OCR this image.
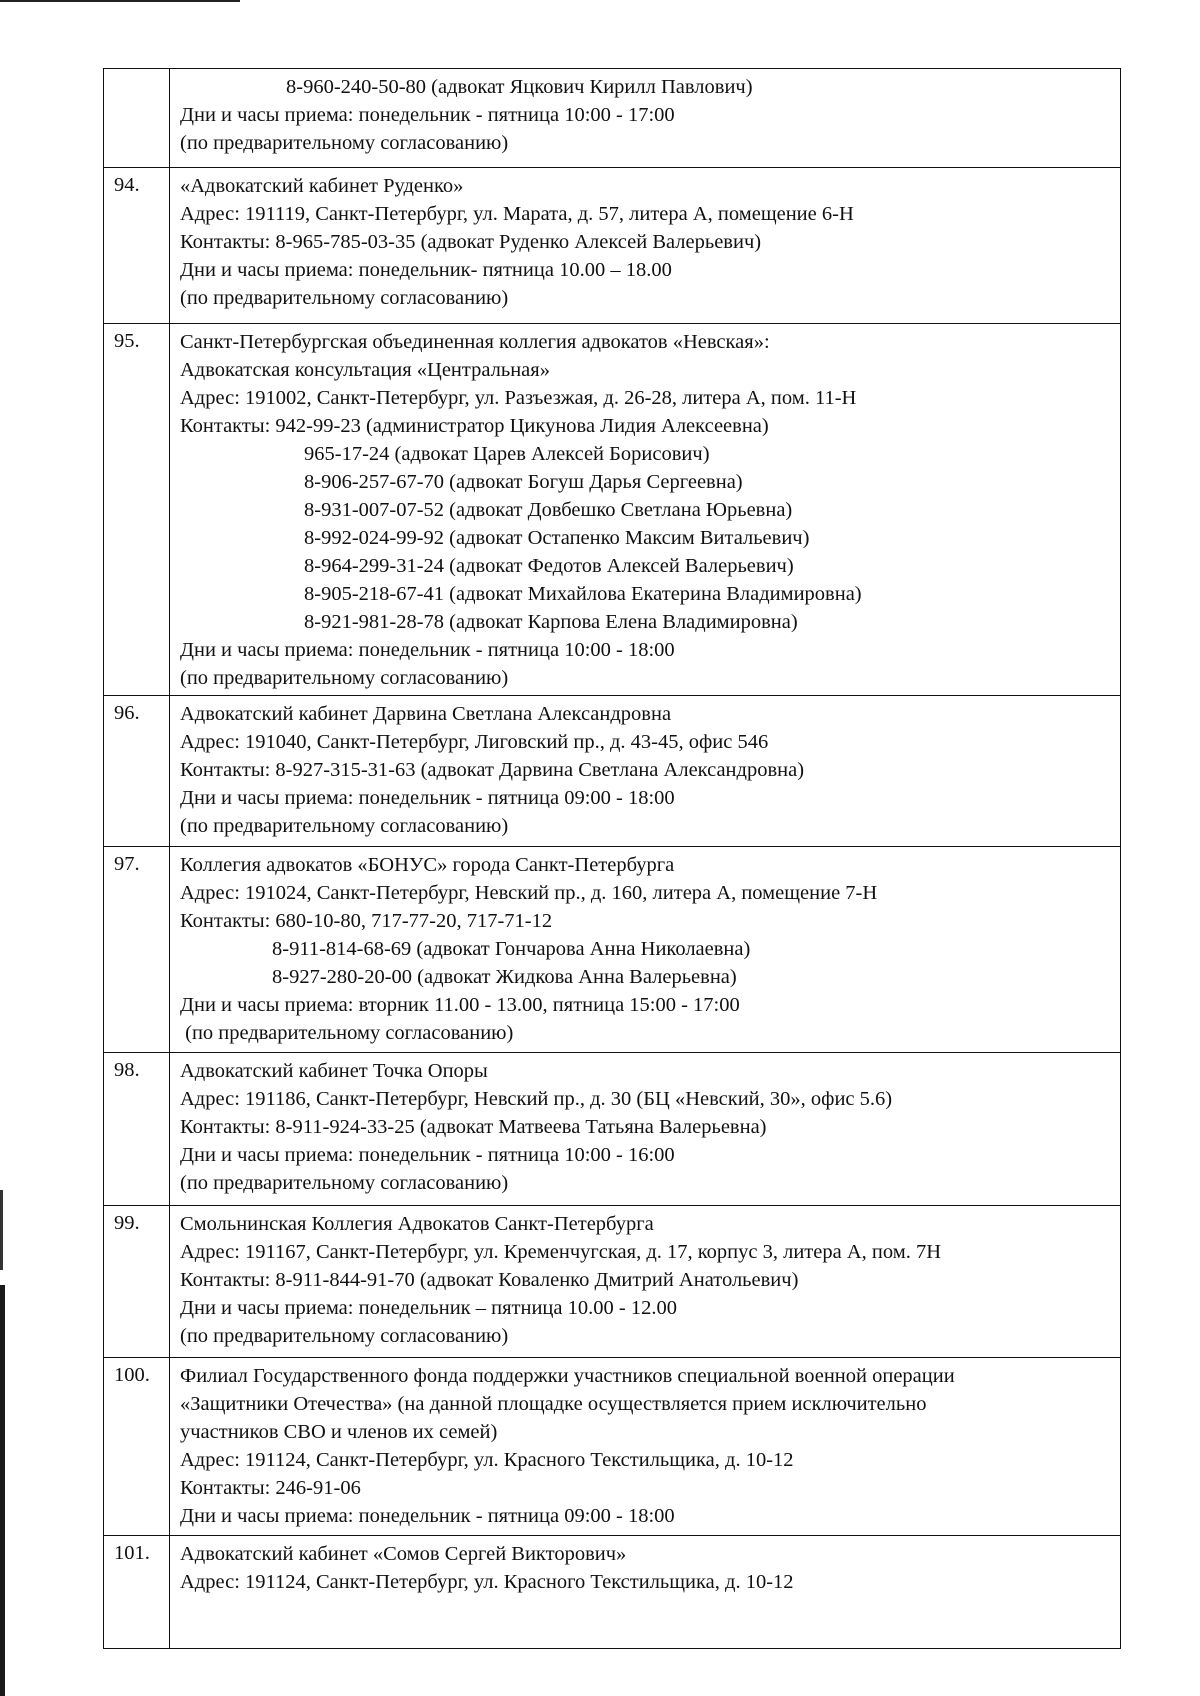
8-960-240-50-80 (адвокат Яцкович Кирилл Павлович)
Дни и часы приема: понедельник - пятница 10:00 - 17:00
(по предварительному согласованию)
94.	«Адвокатский кабинет Руденко»
Адрес: 191119, Санкт-Петербург, ул. Марата, д. 57, литера А, помещение 6-Н
Контакты: 8-965-785-03-35 (адвокат Руденко Алексей Валерьевич)
Дни и часы приема: понедельник- пятница 10.00 – 18.00
(по предварительному согласованию)
95.	Санкт-Петербургская объединенная коллегия адвокатов «Невская»:
Адвокатская консультация «Центральная»
Адрес: 191002, Санкт-Петербург, ул. Разъезжая, д. 26-28, литера А, пом. 11-Н
Контакты: 942-99-23 (администратор Цикунова Лидия Алексеевна)
965-17-24 (адвокат Царев Алексей Борисович)
8-906-257-67-70 (адвокат Богуш Дарья Сергеевна)
8-931-007-07-52 (адвокат Довбешко Светлана Юрьевна)
8-992-024-99-92 (адвокат Остапенко Максим Витальевич)
8-964-299-31-24 (адвокат Федотов Алексей Валерьевич)
8-905-218-67-41 (адвокат Михайлова Екатерина Владимировна)
8-921-981-28-78 (адвокат Карпова Елена Владимировна)
Дни и часы приема: понедельник - пятница 10:00 - 18:00
(по предварительному согласованию)
96.	Адвокатский кабинет Дарвина Светлана Александровна
Адрес: 191040, Санкт-Петербург, Лиговский пр., д. 43-45, офис 546
Контакты: 8-927-315-31-63 (адвокат Дарвина Светлана Александровна)
Дни и часы приема: понедельник - пятница 09:00 - 18:00
(по предварительному согласованию)
97.	Коллегия адвокатов «БОНУС» города Санкт-Петербурга
Адрес: 191024, Санкт-Петербург, Невский пр., д. 160, литера А, помещение 7-Н
Контакты: 680-10-80, 717-77-20, 717-71-12
8-911-814-68-69 (адвокат Гончарова Анна Николаевна)
8-927-280-20-00 (адвокат Жидкова Анна Валерьевна)
Дни и часы приема: вторник 11.00 - 13.00, пятница 15:00 - 17:00
(по предварительному согласованию)
98.	Адвокатский кабинет Точка Опоры
Адрес: 191186, Санкт-Петербург, Невский пр., д. 30 (БЦ «Невский, 30», офис 5.6)
Контакты: 8-911-924-33-25 (адвокат Матвеева Татьяна Валерьевна)
Дни и часы приема: понедельник - пятница 10:00 - 16:00
(по предварительному согласованию)
99.	Смольнинская Коллегия Адвокатов Санкт-Петербурга
Адрес: 191167, Санкт-Петербург, ул. Кременчугская, д. 17, корпус 3, литера А, пом. 7Н
Контакты: 8-911-844-91-70 (адвокат Коваленко Дмитрий Анатольевич)
Дни и часы приема: понедельник – пятница 10.00 - 12.00
(по предварительному согласованию)
100.	Филиал Государственного фонда поддержки участников специальной военной операции
«Защитники Отечества» (на данной площадке осуществляется прием исключительно
участников СВО и членов их семей)
Адрес: 191124, Санкт-Петербург, ул. Красного Текстильщика, д. 10-12
Контакты: 246-91-06
Дни и часы приема: понедельник - пятница 09:00 - 18:00
101.	Адвокатский кабинет «Сомов Сергей Викторович»
Адрес: 191124, Санкт-Петербург, ул. Красного Текстильщика, д. 10-12
